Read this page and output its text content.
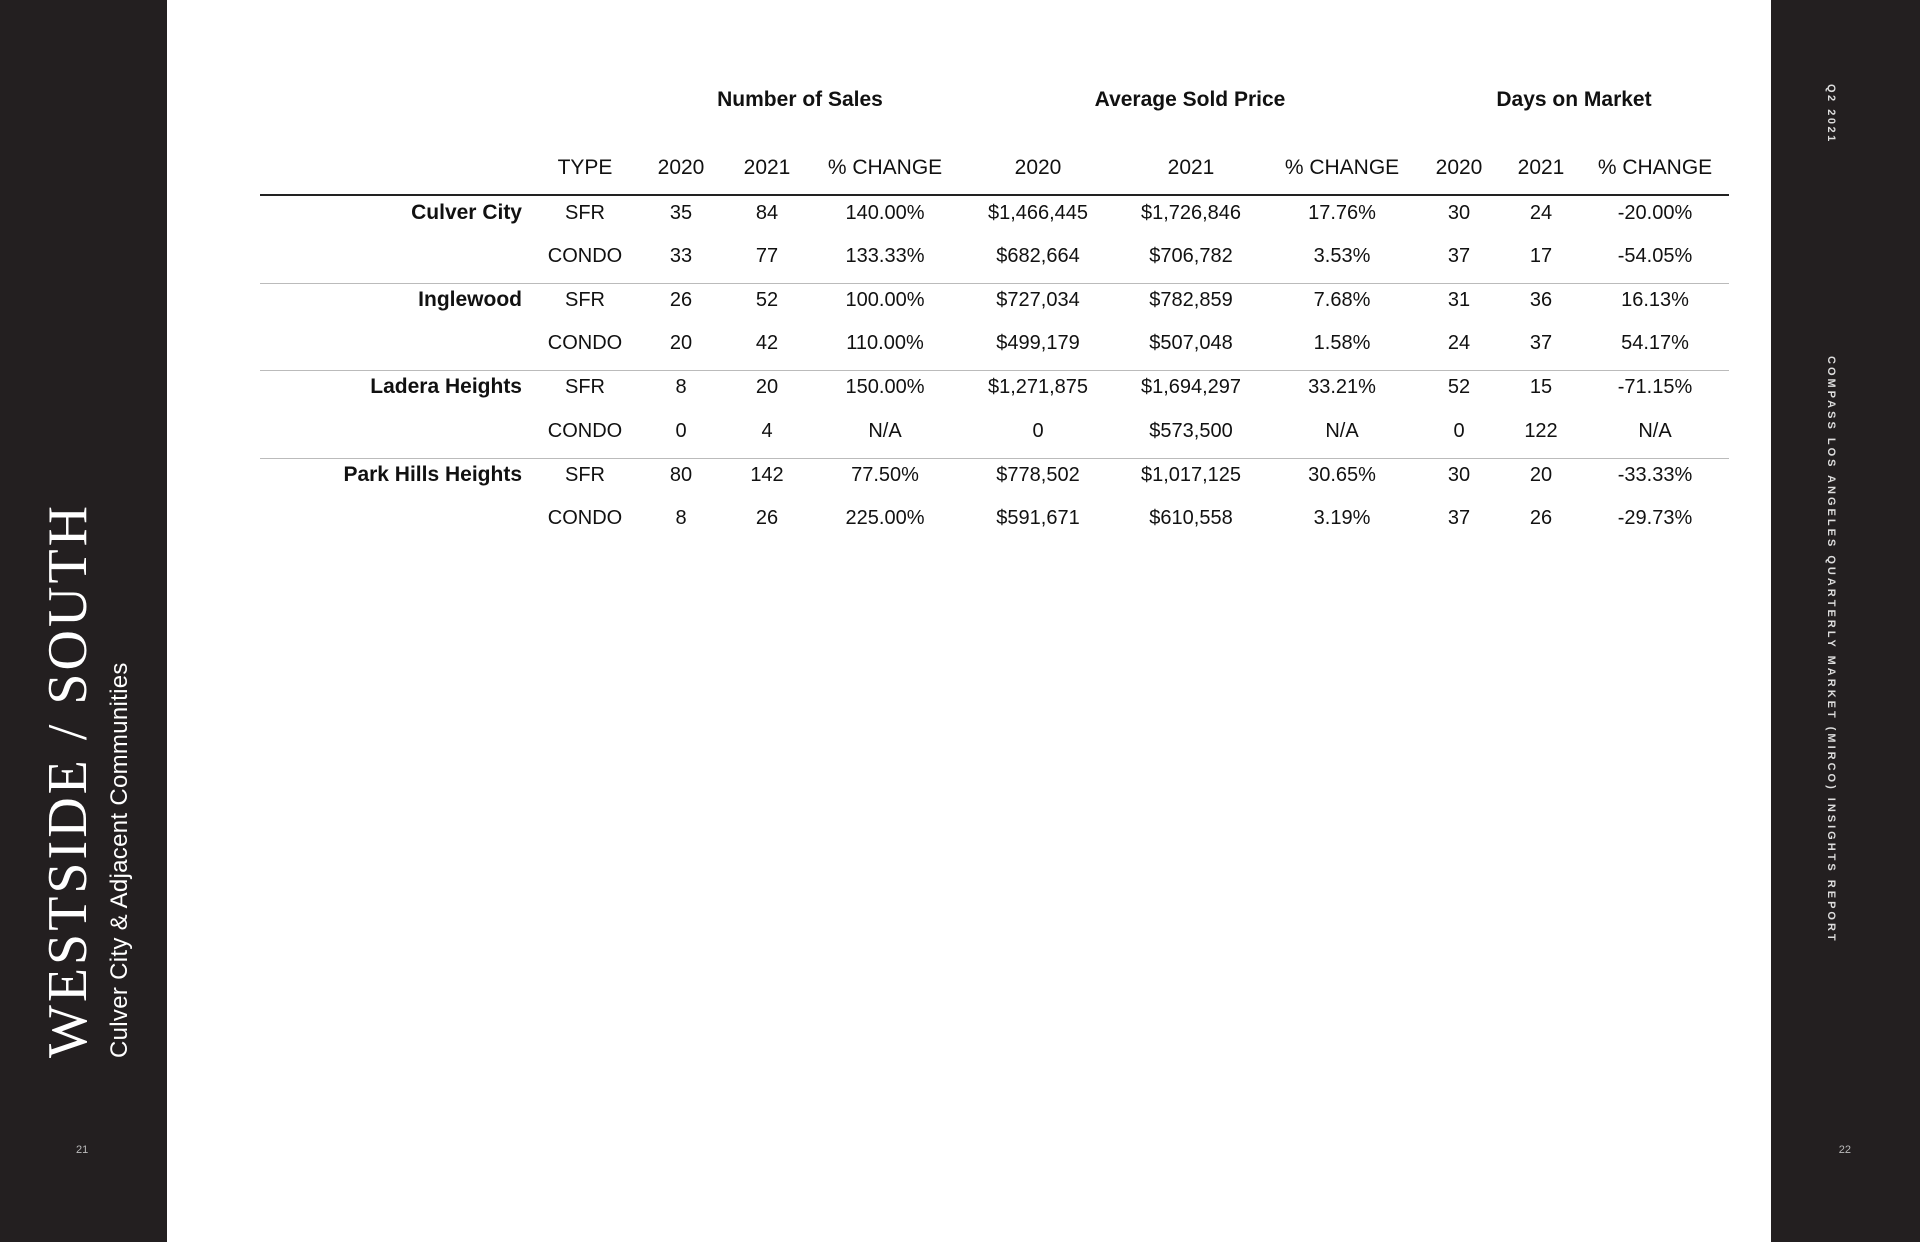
WESTSIDE / SOUTH Culver City & Adjacent Communities
21
Q2 2021
COMPASS LOS ANGELES QUARTERLY MARKET (MIRCO) INSIGHTS REPORT
22
Number of Sales	Average Sold Price	Days on Market
TYPE 2020 2021 % CHANGE	2020	2021	% CHANGE 2020 2021 % CHANGE
Culver City SFR	35	84	140.00%	$1,466,445	$1,726,846	17.76%	30	24	-20.00%
CONDO 33	77	133.33%	$682,664	$706,782	3.53%	37	17	-54.05%
Inglewood SFR	26	52	100.00%	$727,034	$782,859	7.68%	31	36	16.13%
CONDO 20	42	110.00%	$499,179	$507,048	1.58%	24	37	54.17%
Ladera Heights SFR	8	20	150.00%	$1,271,875	$1,694,297	33.21%	52	15	-71.15%
CONDO	0	4	N/A	0	$573,500	N/A	0	122	N/A
Park Hills Heights SFR	80	142	77.50%	$778,502	$1,017,125	30.65%	30	20	-33.33%
CONDO	8	26	225.00%	$591,671	$610,558	3.19%	37	26	-29.73%
